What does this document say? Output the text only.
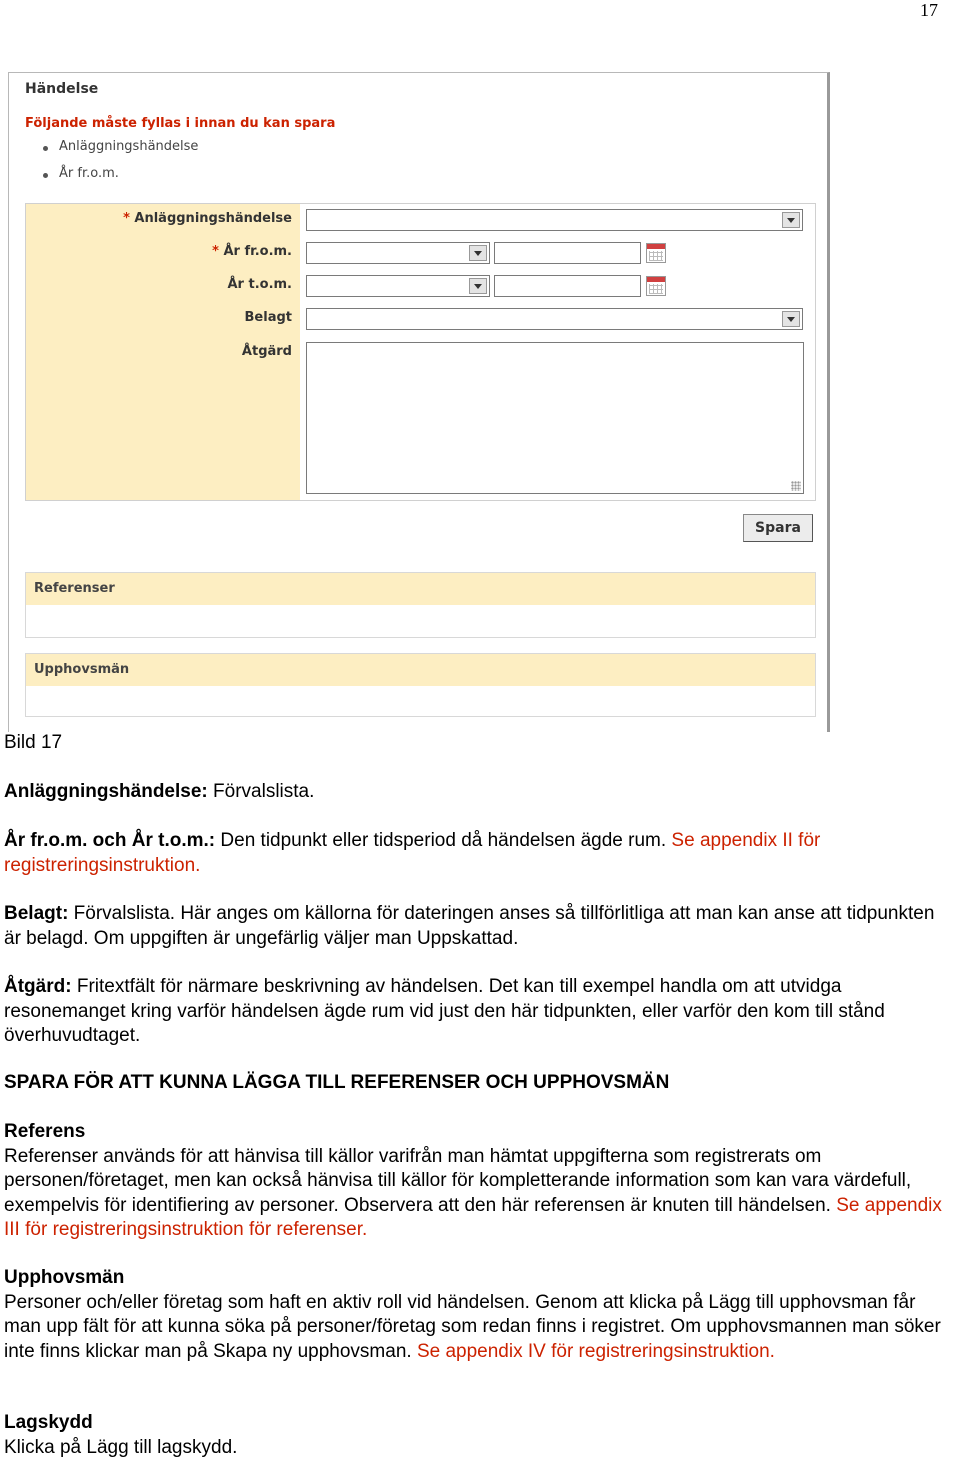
17
Händelse
Följande måste fyllas i innan du kan spara
Anläggningshändelse
År fr.o.m.
* Anläggningshändelse
* År fr.o.m.
År t.o.m.
Belagt
Åtgärd
Spara
Referenser
Upphovsmän
Bild 17
Anläggningshändelse: Förvalslista.
År fr.o.m. och År t.o.m.: Den tidpunkt eller tidsperiod då händelsen ägde rum. Se appendix II för registreringsinstruktion.
Belagt: Förvalslista. Här anges om källorna för dateringen anses så tillförlitliga att man kan anse att tidpunkten är belagd. Om uppgiften är ungefärlig väljer man Uppskattad.
Åtgärd: Fritextfält för närmare beskrivning av händelsen. Det kan till exempel handla om att utvidga resonemanget kring varför händelsen ägde rum vid just den här tidpunkten, eller varför den kom till stånd överhuvudtaget.
SPARA FÖR ATT KUNNA LÄGGA TILL REFERENSER OCH UPPHOVSMÄN
Referens
Referenser används för att hänvisa till källor varifrån man hämtat uppgifterna som registrerats om personen/företaget, men kan också hänvisa till källor för kompletterande information som kan vara värdefull, exempelvis för identifiering av personer. Observera att den här referensen är knuten till händelsen. Se appendix III för registreringsinstruktion för referenser.
Upphovsmän
Personer och/eller företag som haft en aktiv roll vid händelsen. Genom att klicka på Lägg till upphovsman får man upp fält för att kunna söka på personer/företag som redan finns i registret. Om upphovsmannen man söker inte finns klickar man på Skapa ny upphovsman. Se appendix IV för registreringsinstruktion.
Lagskydd
Klicka på Lägg till lagskydd.
